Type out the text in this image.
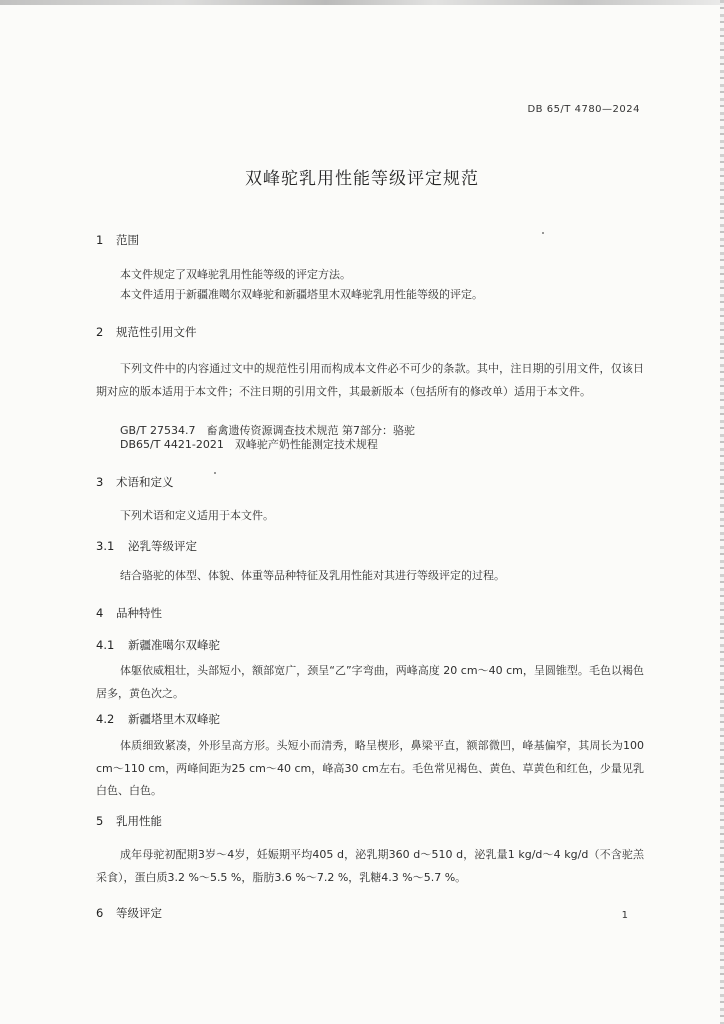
DB 65/T 4780—2024
双峰驼乳用性能等级评定规范
1 范围
本文件规定了双峰驼乳用性能等级的评定方法。
本文件适用于新疆准噶尔双峰驼和新疆塔里木双峰驼乳用性能等级的评定。
2 规范性引用文件
下列文件中的内容通过文中的规范性引用而构成本文件必不可少的条款。其中，注日期的引用文件，仅该日期对应的版本适用于本文件；不注日期的引用文件，其最新版本（包括所有的修改单）适用于本文件。
GB/T 27534.7　畜禽遗传资源调查技术规范 第7部分：骆驼
DB65/T 4421-2021　双峰驼产奶性能测定技术规程
3 术语和定义
下列术语和定义适用于本文件。
3.1 泌乳等级评定
结合骆驼的体型、体貌、体重等品种特征及乳用性能对其进行等级评定的过程。
4 品种特性
4.1 新疆准噶尔双峰驼
体躯依威粗壮，头部短小，额部宽广，颈呈“乙”字弯曲，两峰高度 20 cm～40 cm，呈圆锥型。毛色以褐色居多，黄色次之。
4.2 新疆塔里木双峰驼
体质细致紧凑，外形呈高方形。头短小而清秀，略呈楔形，鼻梁平直，额部微凹，峰基偏窄，其周长为100 cm～110 cm，两峰间距为25 cm～40 cm，峰高30 cm左右。毛色常见褐色、黄色、草黄色和红色，少量见乳白色、白色。
5 乳用性能
成年母驼初配期3岁～4岁，妊娠期平均405 d，泌乳期360 d～510 d，泌乳量1 kg/d～4 kg/d（不含驼羔采食），蛋白质3.2 %～5.5 %，脂肪3.6 %～7.2 %，乳糖4.3 %～5.7 %。
6 等级评定	1
